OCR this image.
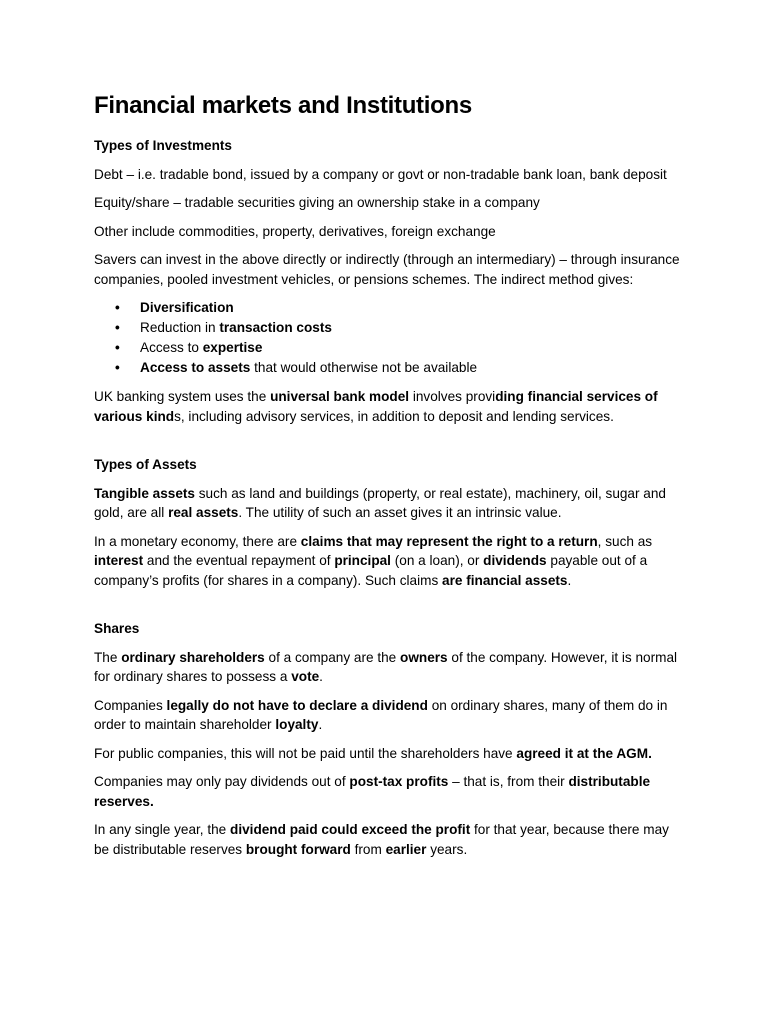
Financial markets and Institutions
Types of Investments

Debt – i.e. tradable bond, issued by a company or govt or non-tradable bank loan, bank deposit

Equity/share – tradable securities giving an ownership stake in a company

Other include commodities, property, derivatives, foreign exchange

Savers can invest in the above directly or indirectly (through an intermediary) – through insurance companies, pooled investment vehicles, or pensions schemes. The indirect method gives:

• Diversification
• Reduction in transaction costs
• Access to expertise
• Access to assets that would otherwise not be available

UK banking system uses the universal bank model involves providing financial services of various kinds, including advisory services, in addition to deposit and lending services.

Types of Assets

Tangible assets such as land and buildings (property, or real estate), machinery, oil, sugar and gold, are all real assets. The utility of such an asset gives it an intrinsic value.

In a monetary economy, there are claims that may represent the right to a return, such as interest and the eventual repayment of principal (on a loan), or dividends payable out of a company’s profits (for shares in a company). Such claims are financial assets.

Shares

The ordinary shareholders of a company are the owners of the company. However, it is normal for ordinary shares to possess a vote.

Companies legally do not have to declare a dividend on ordinary shares, many of them do in order to maintain shareholder loyalty.

For public companies, this will not be paid until the shareholders have agreed it at the AGM.

Companies may only pay dividends out of post-tax profits – that is, from their distributable reserves.

In any single year, the dividend paid could exceed the profit for that year, because there may be distributable reserves brought forward from earlier years.
